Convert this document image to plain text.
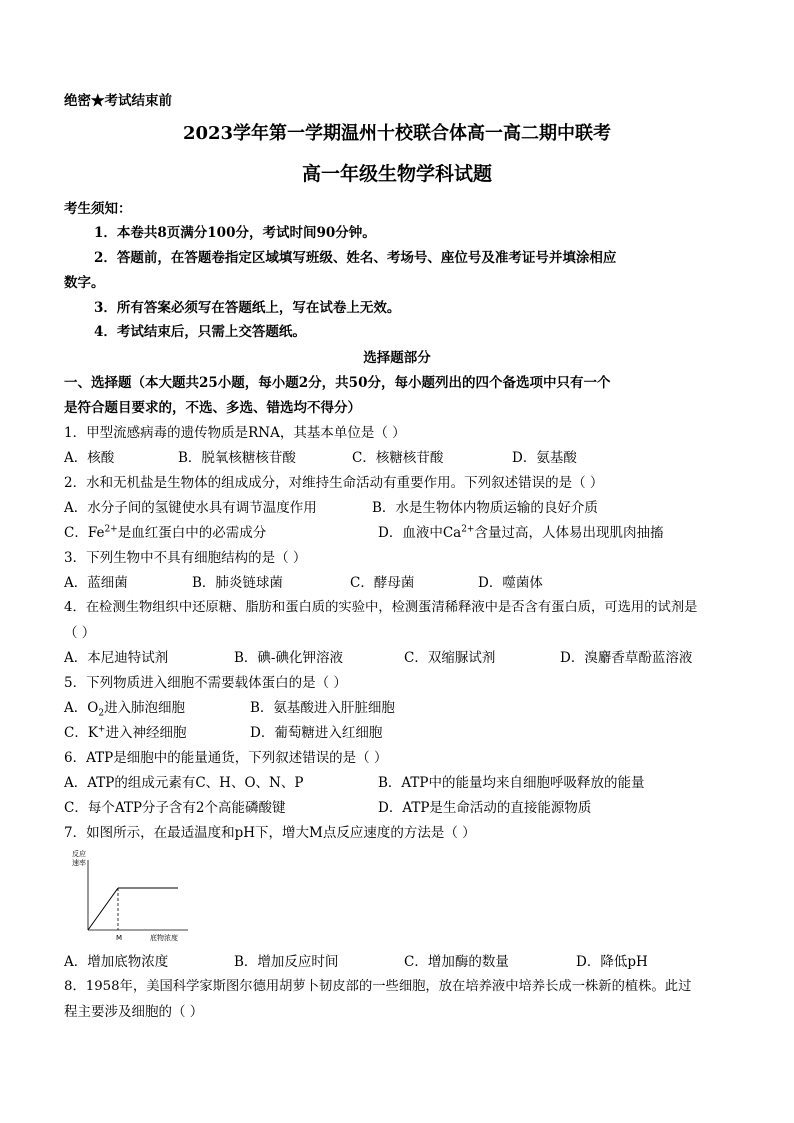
绝密★考试结束前
2023学年第一学期温州十校联合体高一高二期中联考
高一年级生物学科试题
考生须知：
1．本卷共8页满分100分，考试时间90分钟。
2．答题前，在答题卷指定区域填写班级、姓名、考场号、座位号及准考证号并填涂相应
数字。
3．所有答案必须写在答题纸上，写在试卷上无效。
4．考试结束后，只需上交答题纸。
选择题部分
一、选择题（本大题共25小题，每小题2分，共50分，每小题列出的四个备选项中只有一个
是符合题目要求的，不选、多选、错选均不得分）
1．甲型流感病毒的遗传物质是RNA，其基本单位是（ ）
A．核酸	B．脱氧核糖核苷酸	C．核糖核苷酸	D．氨基酸
2．水和无机盐是生物体的组成成分，对维持生命活动有重要作用。下列叙述错误的是（ ）
A．水分子间的氢键使水具有调节温度作用	B．水是生物体内物质运输的良好介质
C．$Fe^{2+}$是血红蛋白中的必需成分	D．血液中$Ca^{2+}$含量过高，人体易出现肌肉抽搐
3．下列生物中不具有细胞结构的是（ ）
A．蓝细菌	B．肺炎链球菌	C．酵母菌	D．噬菌体
4．在检测生物组织中还原糖、脂肪和蛋白质的实验中，检测蛋清稀释液中是否含有蛋白质，可选用的试剂是
（ ）
A．本尼迪特试剂	B．碘-碘化钾溶液	C．双缩脲试剂	D．溴麝香草酚蓝溶液
5．下列物质进入细胞不需要载体蛋白的是（ ）
A．$O_2$进入肺泡细胞	B．氨基酸进入肝脏细胞
C．K+进入神经细胞	D．葡萄糖进入红细胞
6．ATP是细胞中的能量通货，下列叙述错误的是（ ）
A．ATP的组成元素有C、H、O、N、P	B．ATP中的能量均来自细胞呼吸释放的能量
C．每个ATP分子含有2个高能磷酸键	D．ATP是生命活动的直接能源物质
7．如图所示，在最适温度和pH下，增大M点反应速度的方法是（ ）
反应
速率
M	底物浓度
A．增加底物浓度	B．增加反应时间	C．增加酶的数量	D．降低pH
8．1958年，美国科学家斯图尔德用胡萝卜韧皮部的一些细胞，放在培养液中培养长成一株新的植株。此过
程主要涉及细胞的（ ）
